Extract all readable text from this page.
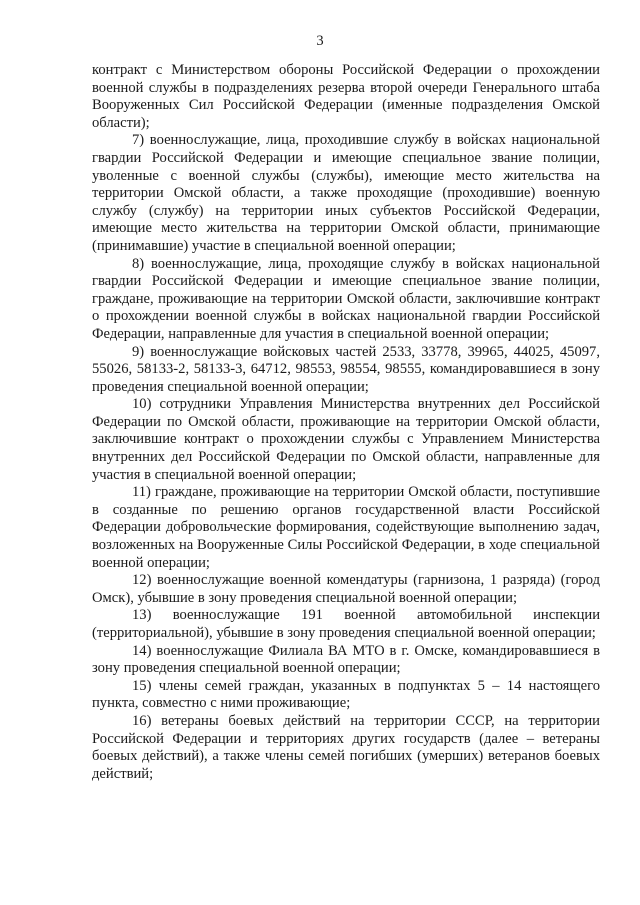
3

контракт с Министерством обороны Российской Федерации о прохождении военной службы в подразделениях резерва второй очереди Генерального штаба Вооруженных Сил Российской Федерации (именные подразделения Омской области);

7) военнослужащие, лица, проходившие службу в войсках национальной гвардии Российской Федерации и имеющие специальное звание полиции, уволенные с военной службы (службы), имеющие место жительства на территории Омской области, а также проходящие (проходившие) военную службу (службу) на территории иных субъектов Российской Федерации, имеющие место жительства на территории Омской области, принимающие (принимавшие) участие в специальной военной операции;

8) военнослужащие, лица, проходящие службу в войсках национальной гвардии Российской Федерации и имеющие специальное звание полиции, граждане, проживающие на территории Омской области, заключившие контракт о прохождении военной службы в войсках национальной гвардии Российской Федерации, направленные для участия в специальной военной операции;

9) военнослужащие войсковых частей 2533, 33778, 39965, 44025, 45097, 55026, 58133-2, 58133-3, 64712, 98553, 98554, 98555, командировавшиеся в зону проведения специальной военной операции;

10) сотрудники Управления Министерства внутренних дел Российской Федерации по Омской области, проживающие на территории Омской области, заключившие контракт о прохождении службы с Управлением Министерства внутренних дел Российской Федерации по Омской области, направленные для участия в специальной военной операции;

11) граждане, проживающие на территории Омской области, поступившие в созданные по решению органов государственной власти Российской Федерации добровольческие формирования, содействующие выполнению задач, возложенных на Вооруженные Силы Российской Федерации, в ходе специальной военной операции;

12) военнослужащие военной комендатуры (гарнизона, 1 разряда) (город Омск), убывшие в зону проведения специальной военной операции;

13) военнослужащие 191 военной автомобильной инспекции (территориальной), убывшие в зону проведения специальной военной операции;

14) военнослужащие Филиала ВА МТО в г. Омске, командировавшиеся в зону проведения специальной военной операции;

15) члены семей граждан, указанных в подпунктах 5 – 14 настоящего пункта, совместно с ними проживающие;

16) ветераны боевых действий на территории СССР, на территории Российской Федерации и территориях других государств (далее – ветераны боевых действий), а также члены семей погибших (умерших) ветеранов боевых действий;
